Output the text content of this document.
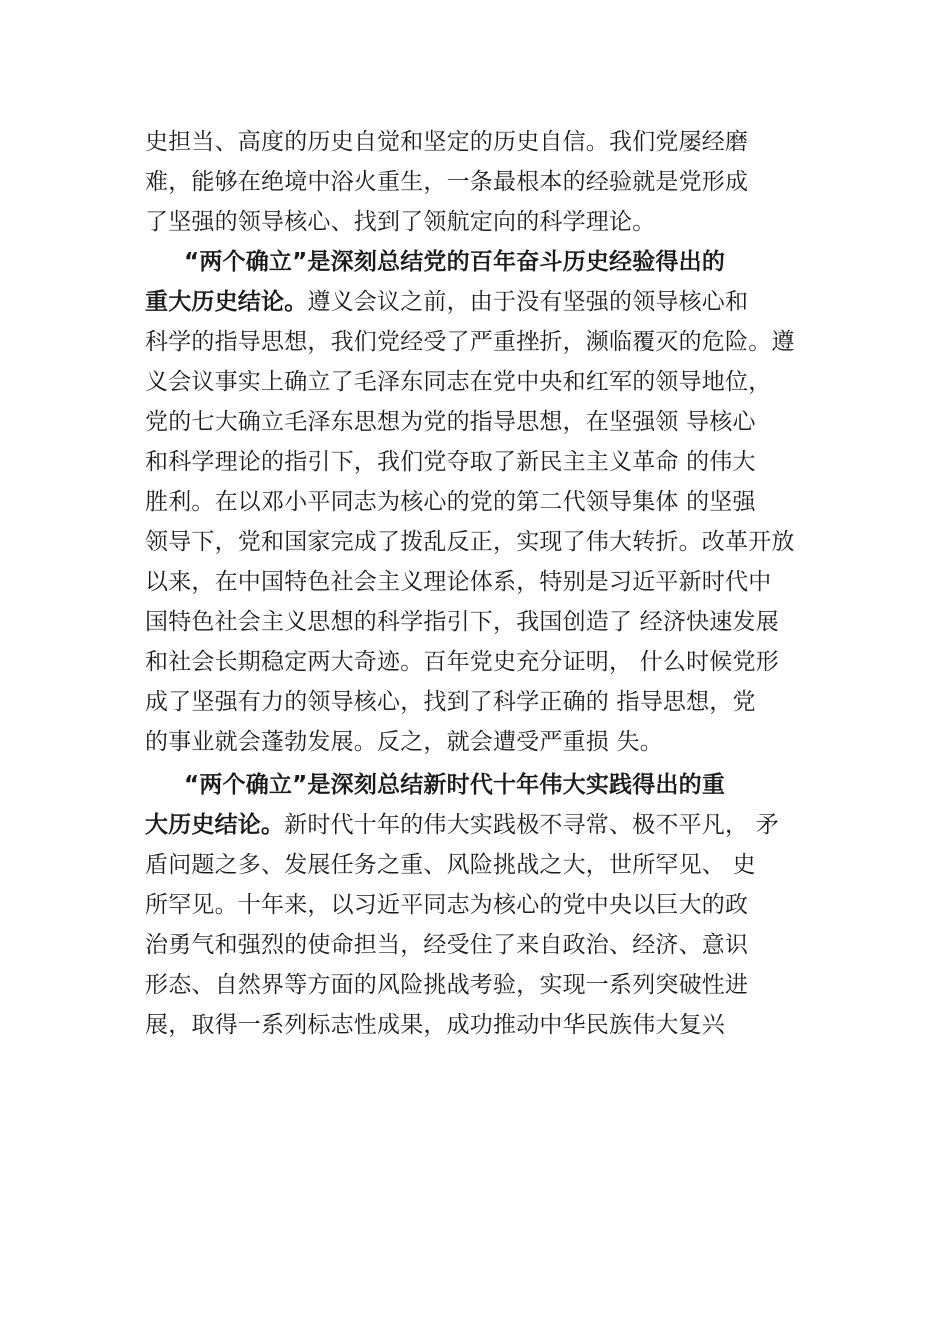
史担当、高度的历史自觉和坚定的历史自信。我们党屡经磨
难，能够在绝境中浴火重生，一条最根本的经验就是党形成
了坚强的领导核心、找到了领航定向的科学理论。
“两个确立”是深刻总结党的百年奋斗历史经验得出的
重大历史结论。遵义会议之前，由于没有坚强的领导核心和
科学的指导思想，我们党经受了严重挫折，濒临覆灭的危险。遵
义会议事实上确立了毛泽东同志在党中央和红军的领导地位，
党的七大确立毛泽东思想为党的指导思想，在坚强领 导核心
和科学理论的指引下，我们党夺取了新民主主义革命 的伟大
胜利。在以邓小平同志为核心的党的第二代领导集体 的坚强
领导下，党和国家完成了拨乱反正，实现了伟大转折。改革开放
以来，在中国特色社会主义理论体系，特别是习近平新时代中
国特色社会主义思想的科学指引下，我国创造了 经济快速发展
和社会长期稳定两大奇迹。百年党史充分证明， 什么时候党形
成了坚强有力的领导核心，找到了科学正确的 指导思想，党
的事业就会蓬勃发展。反之，就会遭受严重损 失。
“两个确立”是深刻总结新时代十年伟大实践得出的重
大历史结论。新时代十年的伟大实践极不寻常、极不平凡， 矛
盾问题之多、发展任务之重、风险挑战之大，世所罕见、 史
所罕见。十年来，以习近平同志为核心的党中央以巨大的政
治勇气和强烈的使命担当，经受住了来自政治、经济、意识
形态、自然界等方面的风险挑战考验，实现一系列突破性进
展，取得一系列标志性成果，成功推动中华民族伟大复兴
